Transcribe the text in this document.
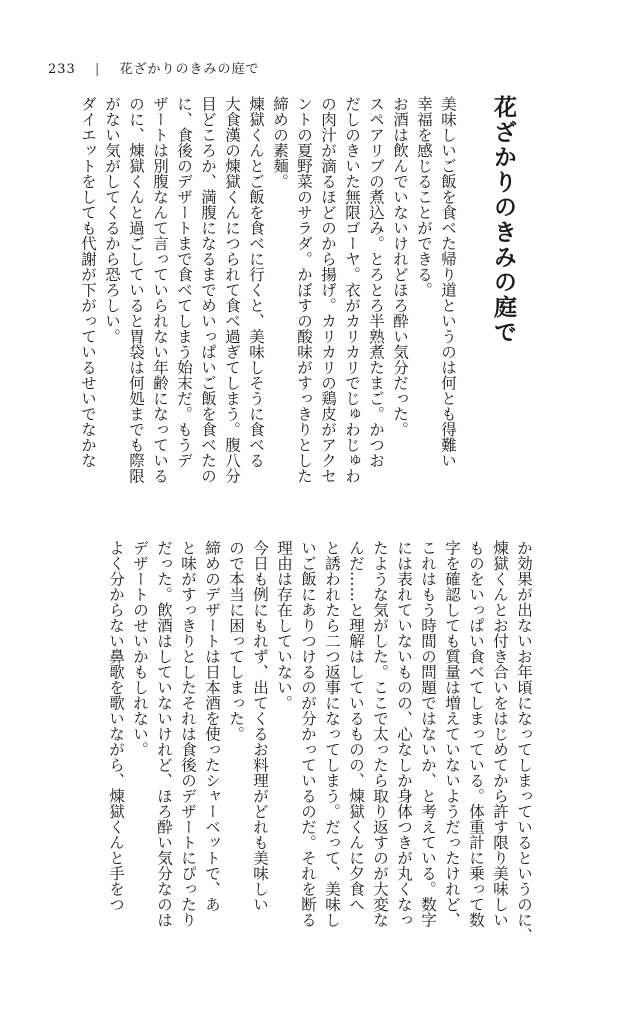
233 | 花ざかりのきみの庭で
花ざかりのきみの庭で
美味しいご飯を食べた帰り道というのは何とも得難い
幸福を感じることができる。
お酒は飲んでいないけれどほろ酔い気分だった。
スペアリブの煮込み。とろとろ半熟煮たまご。かつお
だしのきいた無限ゴーヤ。衣がカリカリでじゅわじゅわ
の肉汁が滴るほどのから揚げ。カリカリの鶏皮がアクセ
ントの夏野菜のサラダ。かぼすの酸味がすっきりとした
締めの素麺。
煉獄くんとご飯を食べに行くと、美味しそうに食べる
大食漢の煉獄くんにつられて食べ過ぎてしまう。腹八分
目どころか、満腹になるまでめいっぱいご飯を食べたの
に、食後のデザートまで食べてしまう始末だ。もうデ
ザートは別腹なんて言っていられない年齢になっている
のに、煉獄くんと過ごしていると胃袋は何処までも際限
がない気がしてくるから恐ろしい。
ダイエットをしても代謝が下がっているせいでなかな
か効果が出ないお年頃になってしまっているというのに、
煉獄くんとお付き合いをはじめてから許す限り美味しい
ものをいっぱい食べてしまっている。体重計に乗って数
字を確認しても質量は増えていないようだったけれど、
これはもう時間の問題ではないか、と考えている。数字
には表れていないものの、心なしか身体つきが丸くなっ
たような気がした。ここで太ったら取り返すのが大変な
んだ……と理解はしているものの、煉獄くんに夕食へ
と誘われたら二つ返事になってしまう。だって、美味し
いご飯にありつけるのが分かっているのだ。それを断る
理由は存在していない。
今日も例にもれず、出てくるお料理がどれも美味しい
ので本当に困ってしまった。
締めのデザートは日本酒を使ったシャーベットで、あ
と味がすっきりとしたそれは食後のデザートにぴったり
だった。飲酒はしていないけれど、ほろ酔い気分なのは
デザートのせいかもしれない。
よく分からない鼻歌を歌いながら、煉獄くんと手をつ
